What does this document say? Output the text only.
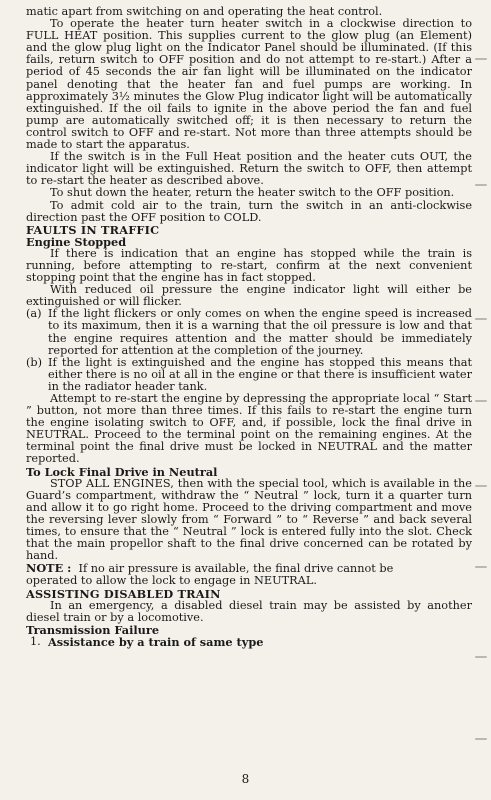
matic apart from switching on and operating the heat control.

To operate the heater turn heater switch in a clockwise direction to FULL HEAT position. This supplies current to the glow plug (an Element) and the glow plug light on the Indicator Panel should be illuminated. (If this fails, return switch to OFF position and do not attempt to re-start.) After a period of 45 seconds the air fan light will be illuminated on the indicator panel denoting that the heater fan and fuel pumps are working. In approximately 3½ minutes the Glow Plug indicator light will be automatically extinguished. If the oil fails to ignite in the above period the fan and fuel pump are automatically switched off; it is then necessary to return the control switch to OFF and re-start. Not more than three attempts should be made to start the apparatus.

If the switch is in the Full Heat position and the heater cuts OUT, the indicator light will be extinguished. Return the switch to OFF, then attempt to re-start the heater as described above.

To shut down the heater, return the heater switch to the OFF position.

To admit cold air to the train, turn the switch in an anti-clockwise direction past the OFF position to COLD.

FAULTS IN TRAFFIC

Engine Stopped

If there is indication that an engine has stopped while the train is running, before attempting to re-start, confirm at the next convenient stopping point that the engine has in fact stopped.

With reduced oil pressure the engine indicator light will either be extinguished or will flicker.

(a) If the light flickers or only comes on when the engine speed is increased to its maximum, then it is a warning that the oil pressure is low and that the engine requires attention and the matter should be immediately reported for attention at the completion of the journey.
(b) If the light is extinguished and the engine has stopped this means that either there is no oil at all in the engine or that there is insufficient water in the radiator header tank.

Attempt to re-start the engine by depressing the appropriate local “ Start ” button, not more than three times. If this fails to re-start the engine turn the engine isolating switch to OFF, and, if possible, lock the final drive in NEUTRAL. Proceed to the terminal point on the remaining engines. At the terminal point the final drive must be locked in NEUTRAL and the matter reported.

To Lock Final Drive in Neutral

STOP ALL ENGINES, then with the special tool, which is available in the Guard’s compartment, withdraw the “ Neutral ” lock, turn it a quarter turn and allow it to go right home. Proceed to the driving compartment and move the reversing lever slowly from “ Forward ” to “ Reverse ” and back several times, to ensure that the “ Neutral ” lock is entered fully into the slot. Check that the main propellor shaft to the final drive concerned can be rotated by hand.

NOTE : If no air pressure is available, the final drive cannot be

operated to allow the lock to engage in NEUTRAL.

ASSISTING DISABLED TRAIN

In an emergency, a disabled diesel train may be assisted by another diesel train or by a locomotive.

Transmission Failure

1. Assistance by a train of same type
8
